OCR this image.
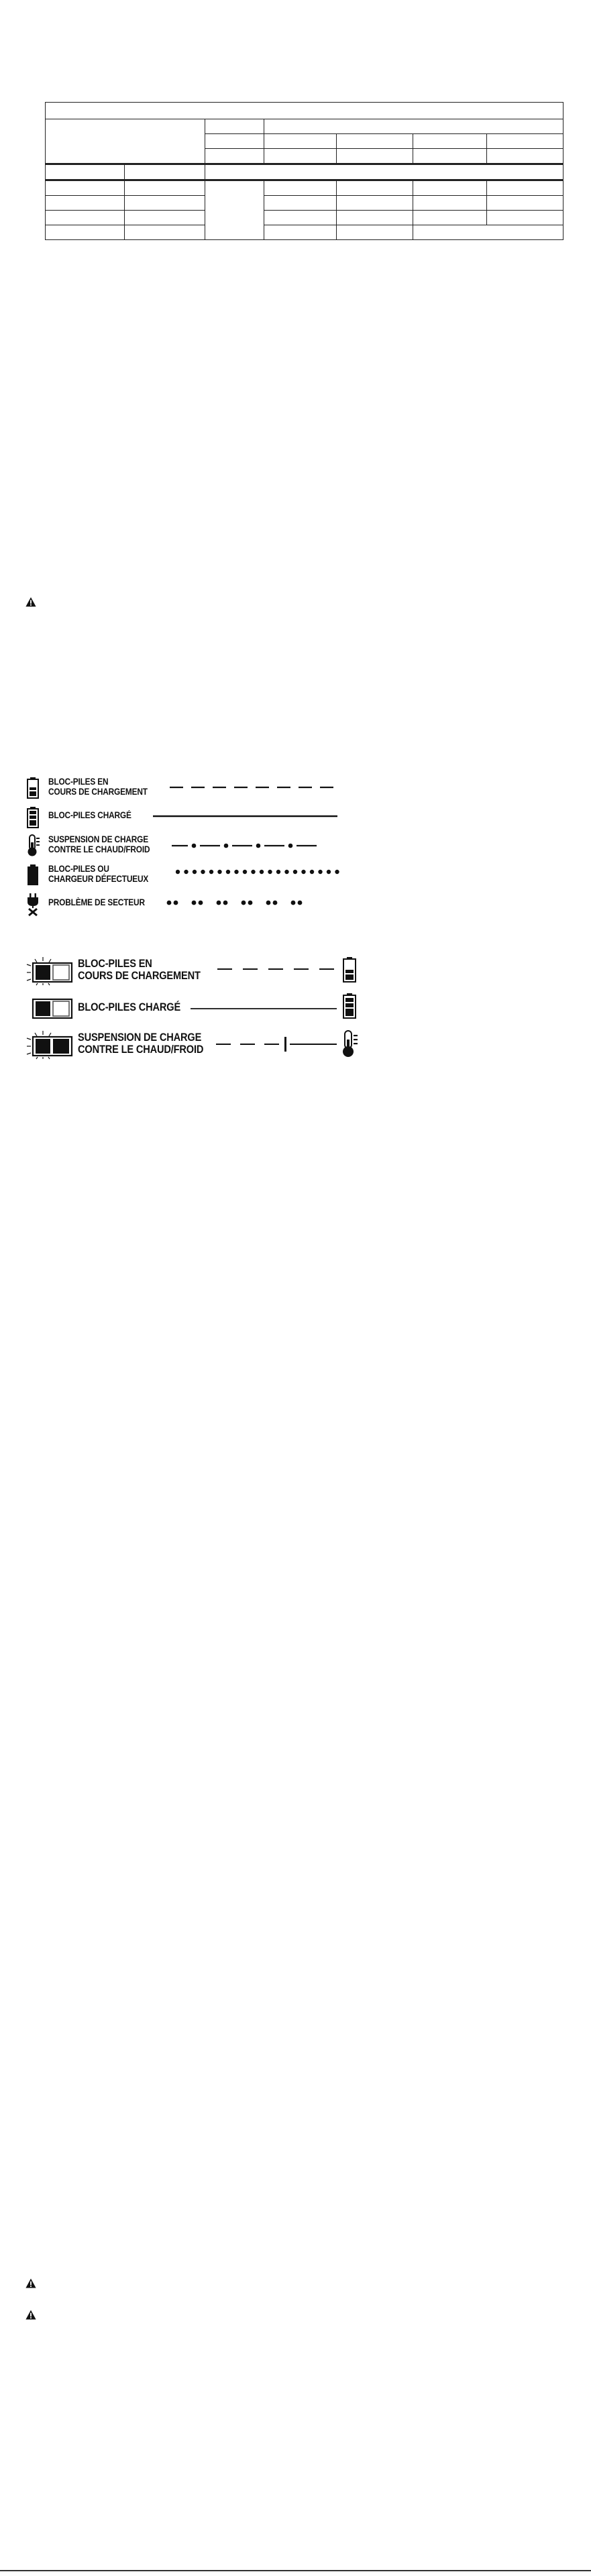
BLOC-PILES EN
COURS DE CHARGEMENT
BLOC-PILES CHARGÉ
SUSPENSION DE CHARGE
CONTRE LE CHAUD/FROID
BLOC-PILES OU
CHARGEUR DÉFECTUEUX
PROBLÈME DE SECTEUR
BLOC-PILES EN
COURS DE CHARGEMENT
BLOC-PILES CHARGÉ
SUSPENSION DE CHARGE
CONTRE LE CHAUD/FROID
